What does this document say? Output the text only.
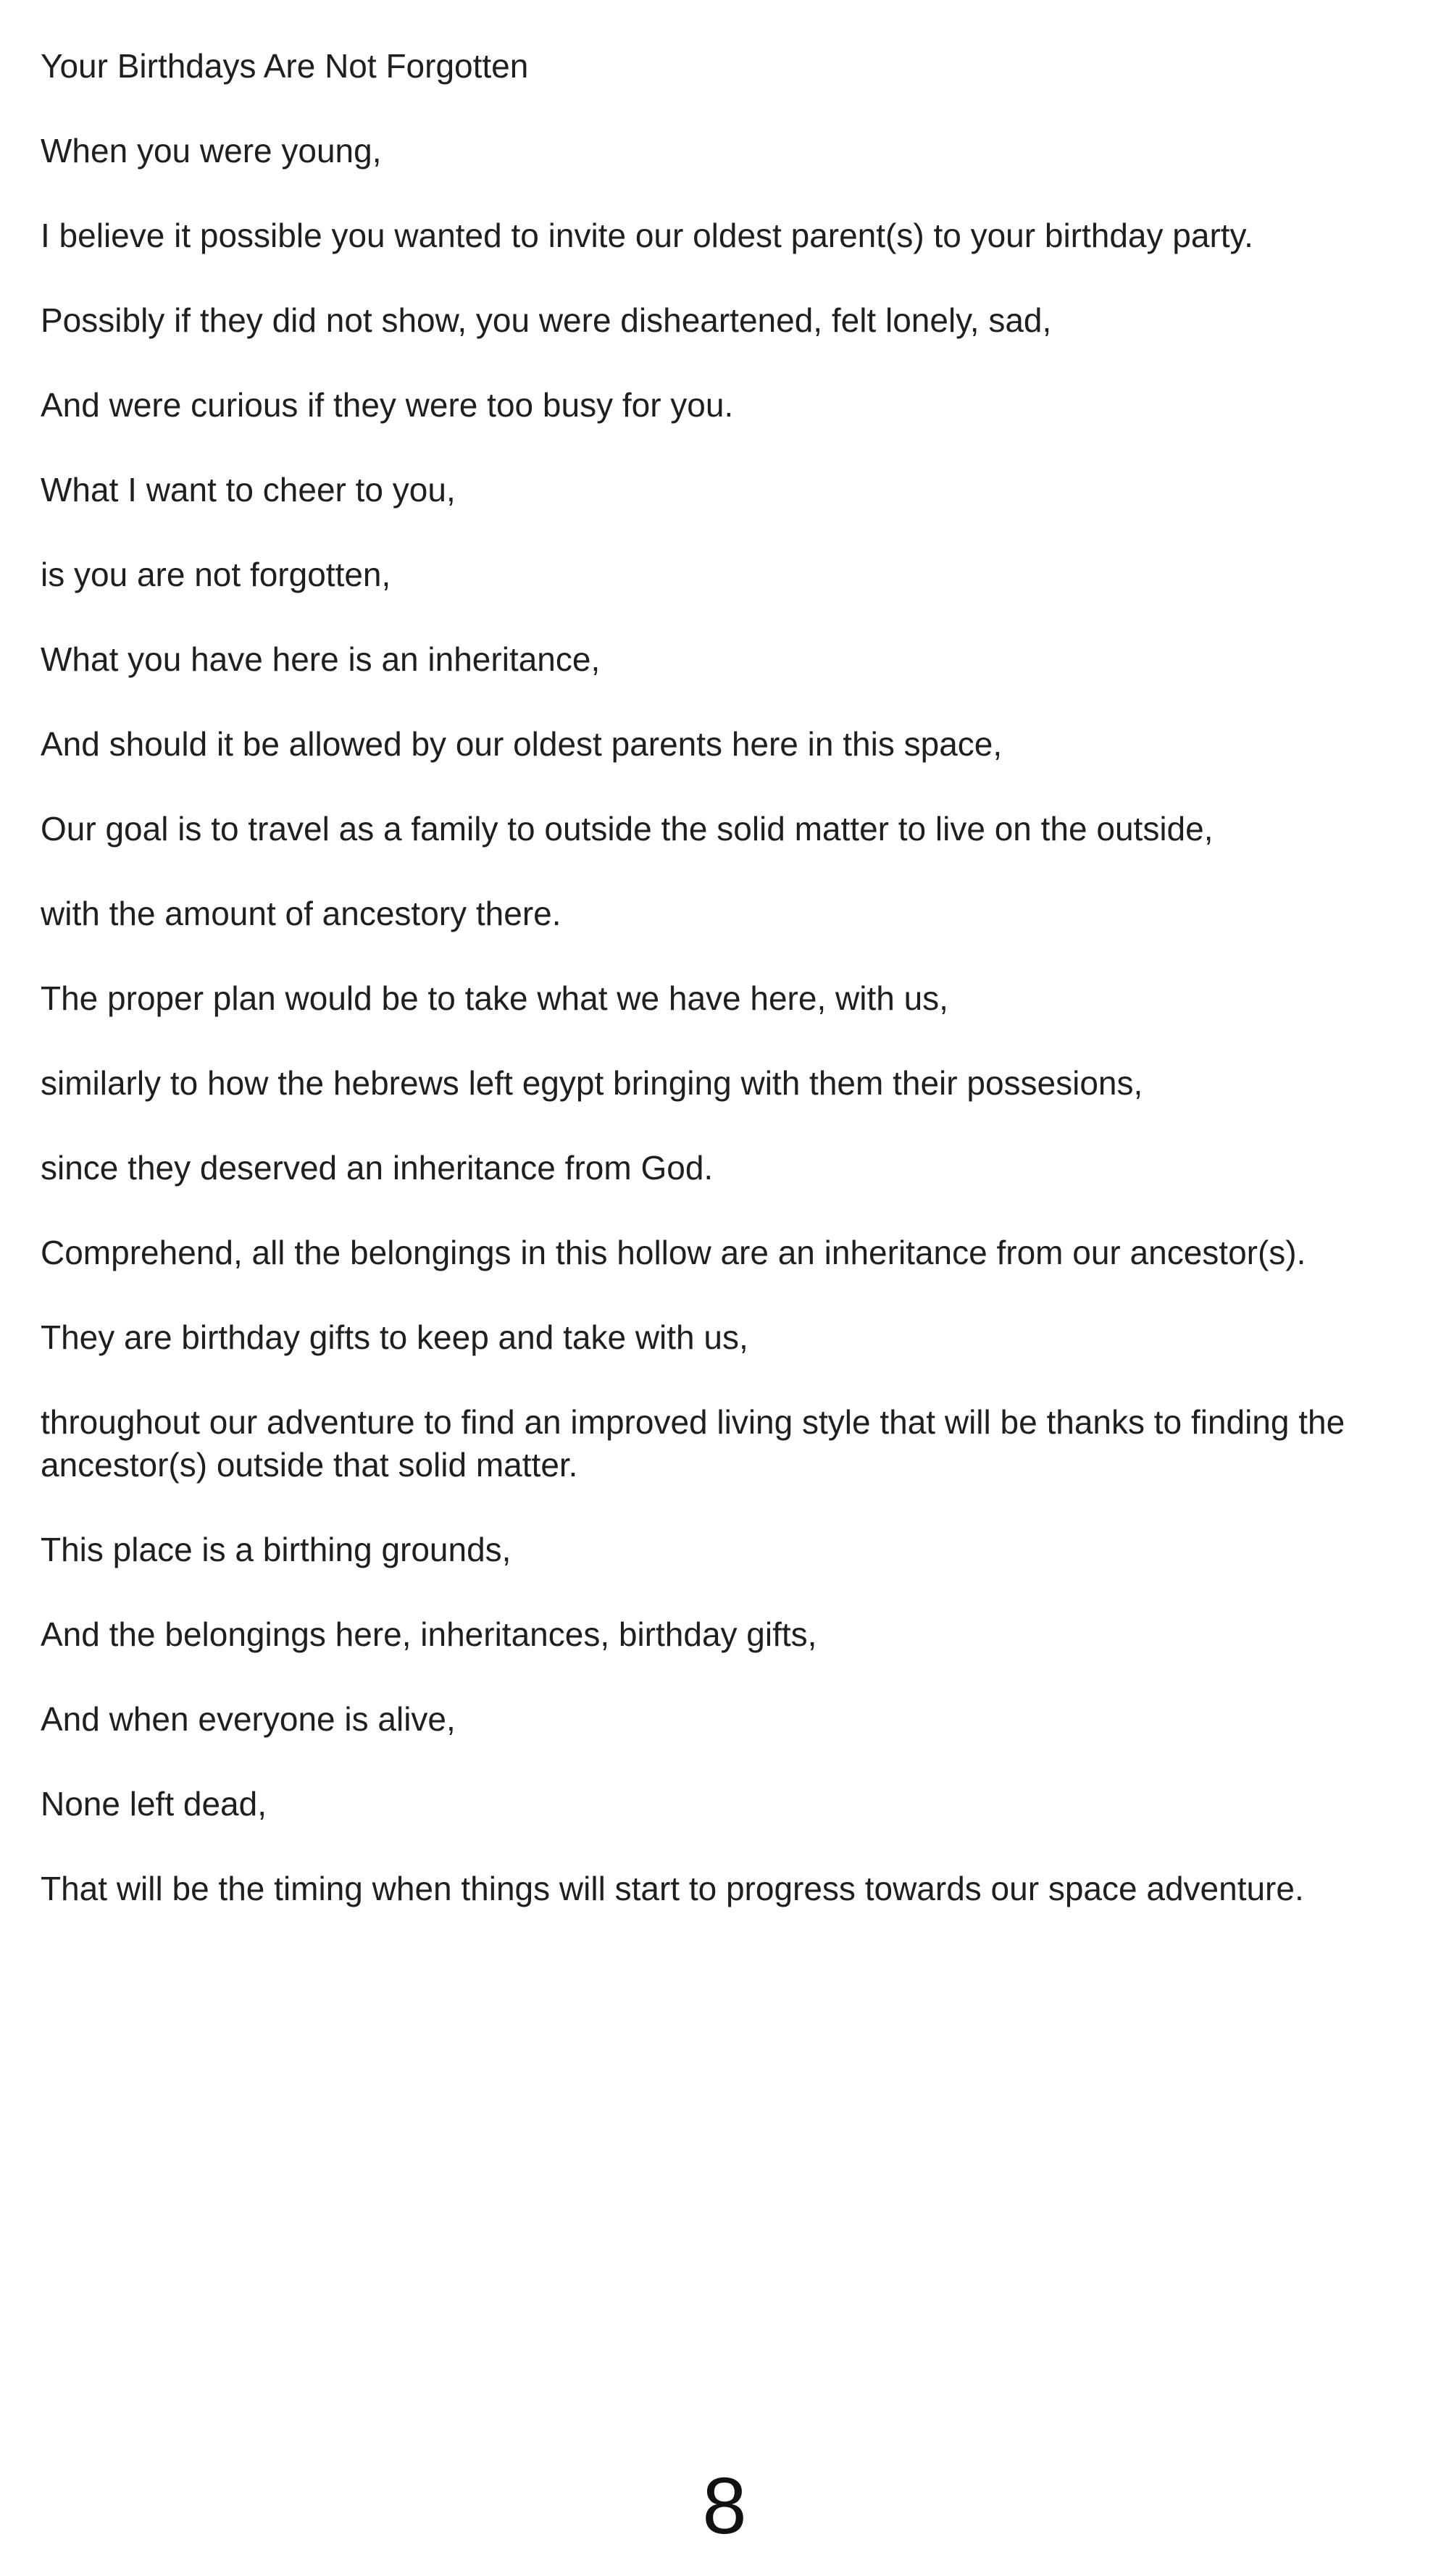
Your Birthdays Are Not Forgotten

When you were young,

I believe it possible you wanted to invite our oldest parent(s) to your birthday party.

Possibly if they did not show, you were disheartened, felt lonely, sad,

And were curious if they were too busy for you.

What I want to cheer to you,

is you are not forgotten,

What you have here is an inheritance,

And should it be allowed by our oldest parents here in this space,

Our goal is to travel as a family to outside the solid matter to live on the outside,

with the amount of ancestory there.

The proper plan would be to take what we have here, with us,

similarly to how the hebrews left egypt bringing with them their possesions,

since they deserved an inheritance from God.

Comprehend, all the belongings in this hollow are an inheritance from our ancestor(s).

They are birthday gifts to keep and take with us,

throughout our adventure to find an improved living style that will be thanks to finding the ancestor(s) outside that solid matter.

This place is a birthing grounds,

And the belongings here, inheritances, birthday gifts,

And when everyone is alive,

None left dead,

That will be the timing when things will start to progress towards our space adventure.

8
